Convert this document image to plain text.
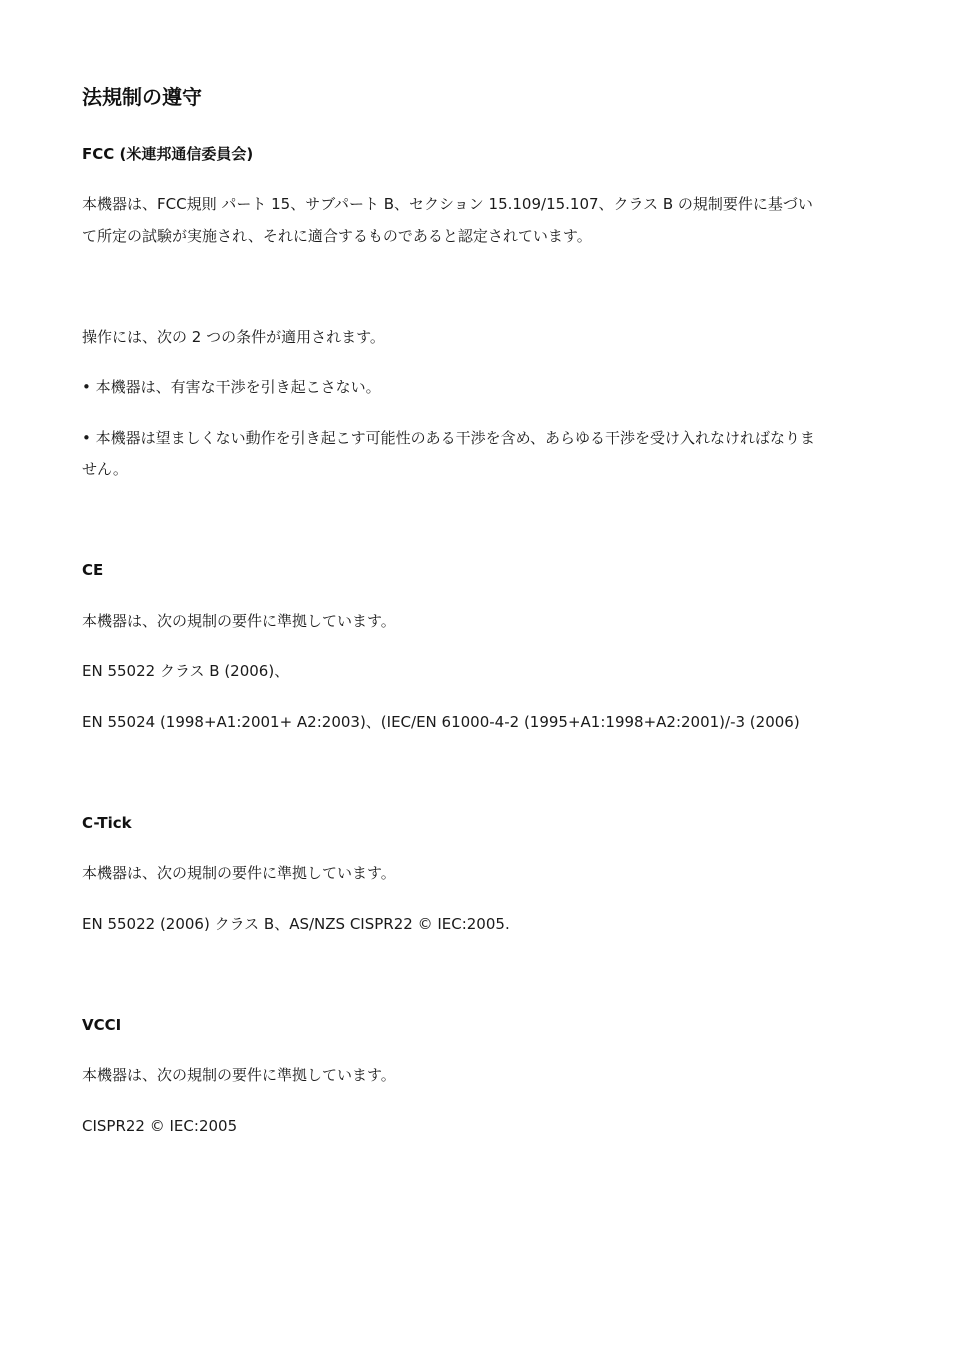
法規制の遵守
FCC (米連邦通信委員会)
本機器は、FCC規則 パート 15、サブパート B、セクション 15.109/15.107、クラス B の規制要件に基づい
て所定の試験が実施され、それに適合するものであると認定されています。
操作には、次の 2 つの条件が適用されます。
• 本機器は、有害な干渉を引き起こさない。
• 本機器は望ましくない動作を引き起こす可能性のある干渉を含め、あらゆる干渉を受け入れなければなりま
せん。
CE
本機器は、次の規制の要件に準拠しています。
EN 55022 クラス B (2006)、
EN 55024 (1998+A1:2001+ A2:2003)、(IEC/EN 61000-4-2 (1995+A1:1998+A2:2001)/-3 (2006)
C-Tick
本機器は、次の規制の要件に準拠しています。
EN 55022 (2006) クラス B、AS/NZS CISPR22 © IEC:2005.
VCCI
本機器は、次の規制の要件に準拠しています。
CISPR22 © IEC:2005
